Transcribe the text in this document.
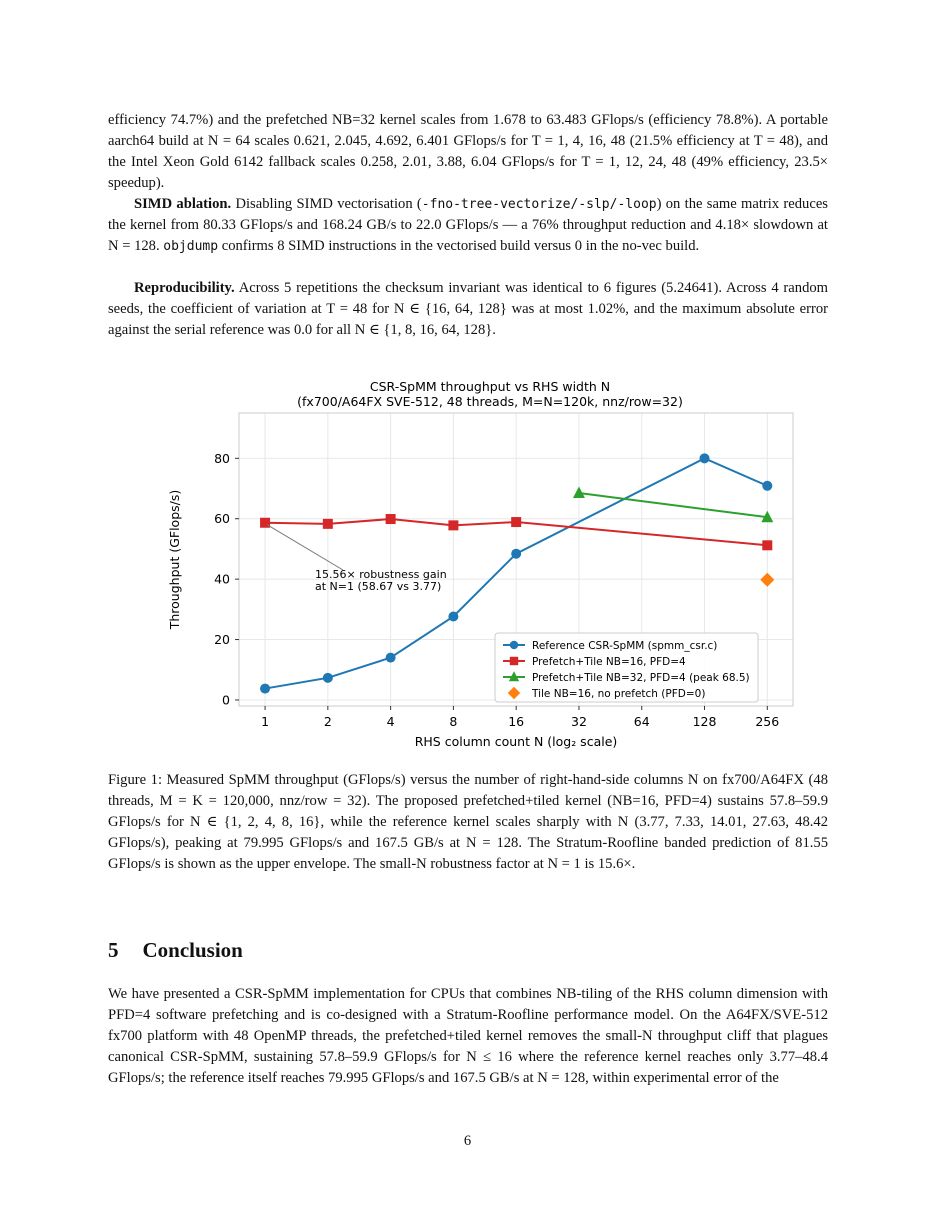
efficiency 74.7%) and the prefetched NB=32 kernel scales from 1.678 to 63.483 GFlops/s (efficiency 78.8%). A portable aarch64 build at N = 64 scales 0.621, 2.045, 4.692, 6.401 GFlops/s for T = 1, 4, 16, 48 (21.5% efficiency at T = 48), and the Intel Xeon Gold 6142 fallback scales 0.258, 2.01, 3.88, 6.04 GFlops/s for T = 1, 12, 24, 48 (49% efficiency, 23.5× speedup).

SIMD ablation. Disabling SIMD vectorisation (-fno-tree-vectorize/-slp/-loop) on the same matrix reduces the kernel from 80.33 GFlops/s and 168.24 GB/s to 22.0 GFlops/s — a 76% throughput reduction and 4.18× slowdown at N = 128. objdump confirms 8 SIMD instructions in the vectorised build versus 0 in the no-vec build.

Reproducibility. Across 5 repetitions the checksum invariant was identical to 6 figures (5.24641). Across 4 random seeds, the coefficient of variation at T = 48 for N ∈ {16, 64, 128} was at most 1.02%, and the maximum absolute error against the serial reference was 0.0 for all N ∈ {1, 8, 16, 64, 128}.

CSR-SpMM throughput vs RHS width N
(fx700/A64FX SVE-512, 48 threads, M=N=120k, nnz/row=32)
1	2	4	8	16	32	64	128	256
0
20
40
60
80
15.56× robustness gain
at N=1 (58.67 vs 3.77)
RHS column count N (log₂ scale)
Throughput (GFlops/s)
Reference CSR-SpMM (spmm_csr.c)
Prefetch+Tile NB=16, PFD=4
Prefetch+Tile NB=32, PFD=4 (peak 68.5)
Tile NB=16, no prefetch (PFD=0)

Figure 1: Measured SpMM throughput (GFlops/s) versus the number of right-hand-side columns N on fx700/A64FX (48 threads, M = K = 120,000, nnz/row = 32). The proposed prefetched+tiled kernel (NB=16, PFD=4) sustains 57.8–59.9 GFlops/s for N ∈ {1, 2, 4, 8, 16}, while the reference kernel scales sharply with N (3.77, 7.33, 14.01, 27.63, 48.42 GFlops/s), peaking at 79.995 GFlops/s and 167.5 GB/s at N = 128. The Stratum-Roofline banded prediction of 81.55 GFlops/s is shown as the upper envelope. The small-N robustness factor at N = 1 is 15.6×.

5 Conclusion

We have presented a CSR-SpMM implementation for CPUs that combines NB-tiling of the RHS column dimension with PFD=4 software prefetching and is co-designed with a Stratum-Roofline performance model. On the A64FX/SVE-512 fx700 platform with 48 OpenMP threads, the prefetched+tiled kernel removes the small-N throughput cliff that plagues canonical CSR-SpMM, sustaining 57.8–59.9 GFlops/s for N ≤ 16 where the reference kernel reaches only 3.77–48.4 GFlops/s; the reference itself reaches 79.995 GFlops/s and 167.5 GB/s at N = 128, within experimental error of the

6
